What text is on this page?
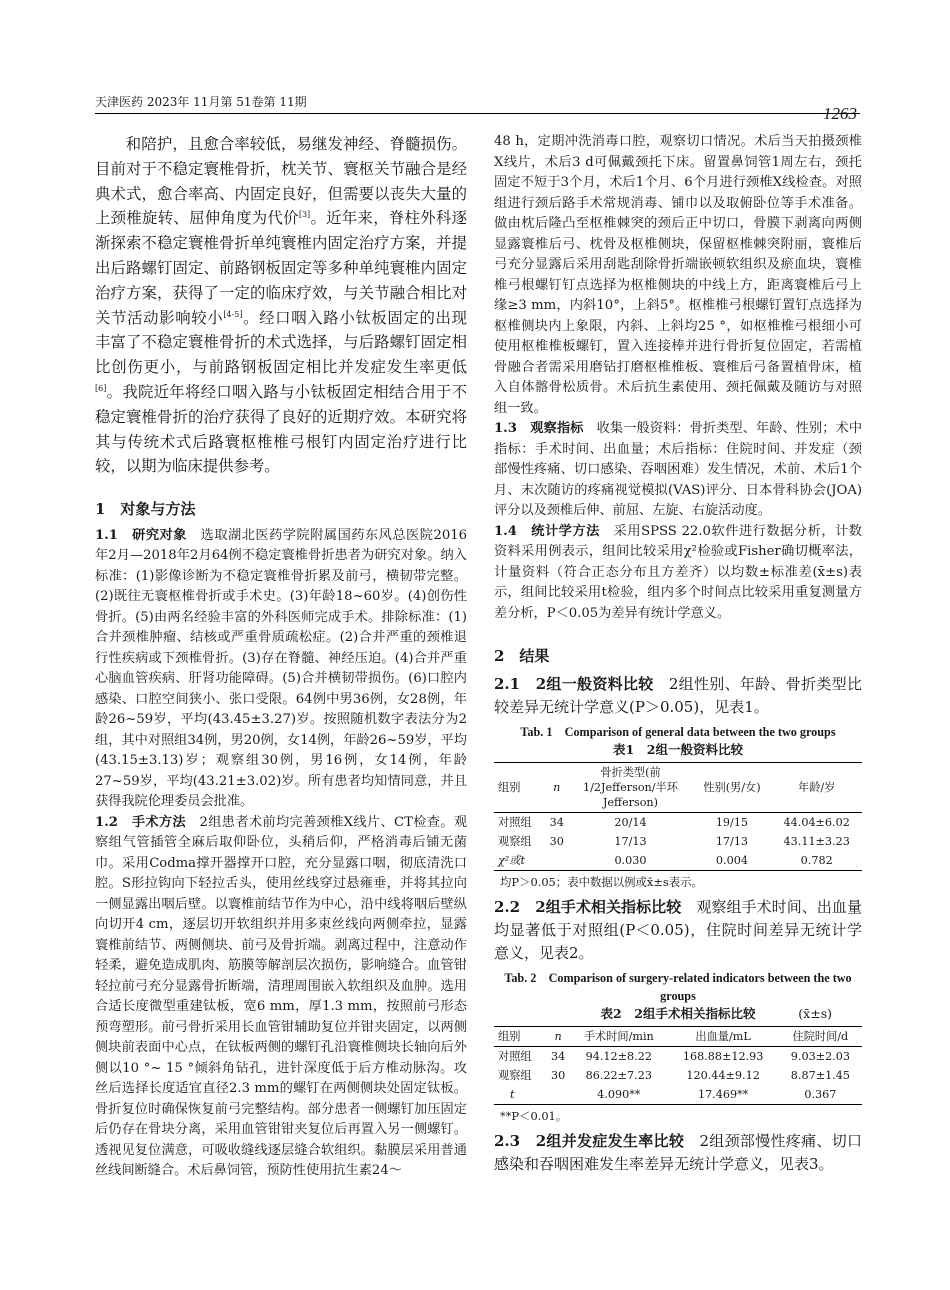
天津医药 2023年 11月第 51卷第 11期
1263

和陪护，且愈合率较低，易继发神经、脊髓损伤。目前对于不稳定寰椎骨折，枕关节、寰枢关节融合是经典术式，愈合率高、内固定良好，但需要以丧失大量的上颈椎旋转、屈伸角度为代价[3]。近年来，脊柱外科逐渐探索不稳定寰椎骨折单纯寰椎内固定治疗方案，并提出后路螺钉固定、前路钢板固定等多种单纯寰椎内固定治疗方案，获得了一定的临床疗效，与关节融合相比对关节活动影响较小[4-5]。经口咽入路小钛板固定的出现丰富了不稳定寰椎骨折的术式选择，与后路螺钉固定相比创伤更小，与前路钢板固定相比并发症发生率更低[6]。我院近年将经口咽入路与小钛板固定相结合用于不稳定寰椎骨折的治疗获得了良好的近期疗效。本研究将其与传统术式后路寰枢椎椎弓根钉内固定治疗进行比较，以期为临床提供参考。

1　对象与方法

1.1　研究对象　 选取湖北医药学院附属国药东风总医院2016年2月—2018年2月64例不稳定寰椎骨折患者为研究对象。纳入标准：(1)影像诊断为不稳定寰椎骨折累及前弓，横韧带完整。(2)既往无寰枢椎骨折或手术史。(3)年龄18~60岁。(4)创伤性骨折。(5)由两名经验丰富的外科医师完成手术。排除标准：(1)合并颈椎肿瘤、结核或严重骨质疏松症。(2)合并严重的颈椎退行性疾病或下颈椎骨折。(3)存在脊髓、神经压迫。(4)合并严重心脑血管疾病、肝肾功能障碍。(5)合并横韧带损伤。(6)口腔内感染、口腔空间狭小、张口受限。64例中男36例，女28例，年龄26~59岁，平均(43.45±3.27)岁。按照随机数字表法分为2组，其中对照组34例，男20例，女14例，年龄26~59岁，平均(43.15±3.13)岁；观察组30例，男16例，女14例，年龄27~59岁，平均(43.21±3.02)岁。所有患者均知情同意，并且获得我院伦理委员会批准。

1.2　手术方法　 2组患者术前均完善颈椎X线片、CT检查。观察组气管插管全麻后取仰卧位，头稍后仰，严格消毒后铺无菌巾。采用Codma撑开器撑开口腔，充分显露口咽，彻底清洗口腔。S形拉钩向下轻拉舌头，使用丝线穿过悬雍垂，并将其拉向一侧显露出咽后壁。以寰椎前结节作为中心，沿中线将咽后壁纵向切开4 cm，逐层切开软组织并用多束丝线向两侧牵拉，显露寰椎前结节、两侧侧块、前弓及骨折端。剥离过程中，注意动作轻柔，避免造成肌肉、筋膜等解剖层次损伤，影响缝合。血管钳轻拉前弓充分显露骨折断端，清理周围嵌入软组织及血肿。选用合适长度微型重建钛板，宽6 mm，厚1.3 mm，按照前弓形态预弯塑形。前弓骨折采用长血管钳辅助复位并钳夹固定，以两侧侧块前表面中心点，在钛板两侧的螺钉孔沿寰椎侧块长轴向后外侧以10 °~ 15 °倾斜角钻孔，进针深度低于后方椎动脉沟。攻丝后选择长度适宜直径2.3 mm的螺钉在两侧侧块处固定钛板。骨折复位时确保恢复前弓完整结构。部分患者一侧螺钉加压固定后仍存在骨块分离，采用血管钳钳夹复位后再置入另一侧螺钉。透视见复位满意，可吸收缝线逐层缝合软组织。黏膜层采用普通丝线间断缝合。术后鼻饲管，预防性使用抗生素24～

48 h，定期冲洗消毒口腔，观察切口情况。术后当天拍摄颈椎X线片，术后3 d可佩戴颈托下床。留置鼻饲管1周左右，颈托固定不短于3个月，术后1个月、6个月进行颈椎X线检查。对照组进行颈后路手术常规消毒、铺巾以及取俯卧位等手术准备。做由枕后隆凸至枢椎棘突的颈后正中切口，骨膜下剥离向两侧显露寰椎后弓、枕骨及枢椎侧块，保留枢椎棘突附丽，寰椎后弓充分显露后采用刮匙刮除骨折端嵌顿软组织及瘀血块，寰椎椎弓根螺钉钉点选择为枢椎侧块的中线上方，距离寰椎后弓上缘≥3 mm，内斜10°，上斜5°。枢椎椎弓根螺钉置钉点选择为枢椎侧块内上象限，内斜、上斜均25 °，如枢椎椎弓根细小可使用枢椎椎板螺钉，置入连接棒并进行骨折复位固定，若需植骨融合者需采用磨钻打磨枢椎椎板、寰椎后弓备置植骨床，植入自体髂骨松质骨。术后抗生素使用、颈托佩戴及随访与对照组一致。

1.3　观察指标　 收集一般资料：骨折类型、年龄、性别；术中指标：手术时间、出血量；术后指标：住院时间、并发症（颈部慢性疼痛、切口感染、吞咽困难）发生情况，术前、术后1个月、末次随访的疼痛视觉模拟(VAS)评分、日本骨科协会(JOA)评分以及颈椎后伸、前屈、左旋、右旋活动度。

1.4　统计学方法　 采用SPSS 22.0软件进行数据分析，计数资料采用例表示，组间比较采用χ²检验或Fisher确切概率法，计量资料（符合正态分布且方差齐）以均数±标准差(x̄±s)表示，组间比较采用t检验，组内多个时间点比较采用重复测量方差分析，P＜0.05为差异有统计学意义。

2　结果

2.1　2组一般资料比较　 2组性别、年龄、骨折类型比较差异无统计学意义(P＞0.05)，见表1。

Tab. 1　Comparison of general data between the two groups
表1　2组一般资料比较
组别	n	骨折类型(前1/2Jefferson/半环Jefferson)	性别(男/女)	年龄/岁
对照组	34	20/14	19/15	44.04±6.02
观察组	30	17/13	17/13	43.11±3.23
χ²或t		0.030	0.004	0.782
均P＞0.05；表中数据以例或x̄±s表示。

2.2　2组手术相关指标比较　 观察组手术时间、出血量均显著低于对照组(P＜0.05)，住院时间差异无统计学意义，见表2。

Tab. 2　Comparison of surgery-related indicators between the two groups
表2　2组手术相关指标比较	(x̄±s)
组别	n	手术时间/min	出血量/mL	住院时间/d
对照组	34	94.12±8.22	168.88±12.93	9.03±2.03
观察组	30	86.22±7.23	120.44±9.12	8.87±1.45
t		4.090**	17.469**	0.367
**P＜0.01。

2.3　2组并发症发生率比较　 2组颈部慢性疼痛、切口感染和吞咽困难发生率差异无统计学意义，见表3。
